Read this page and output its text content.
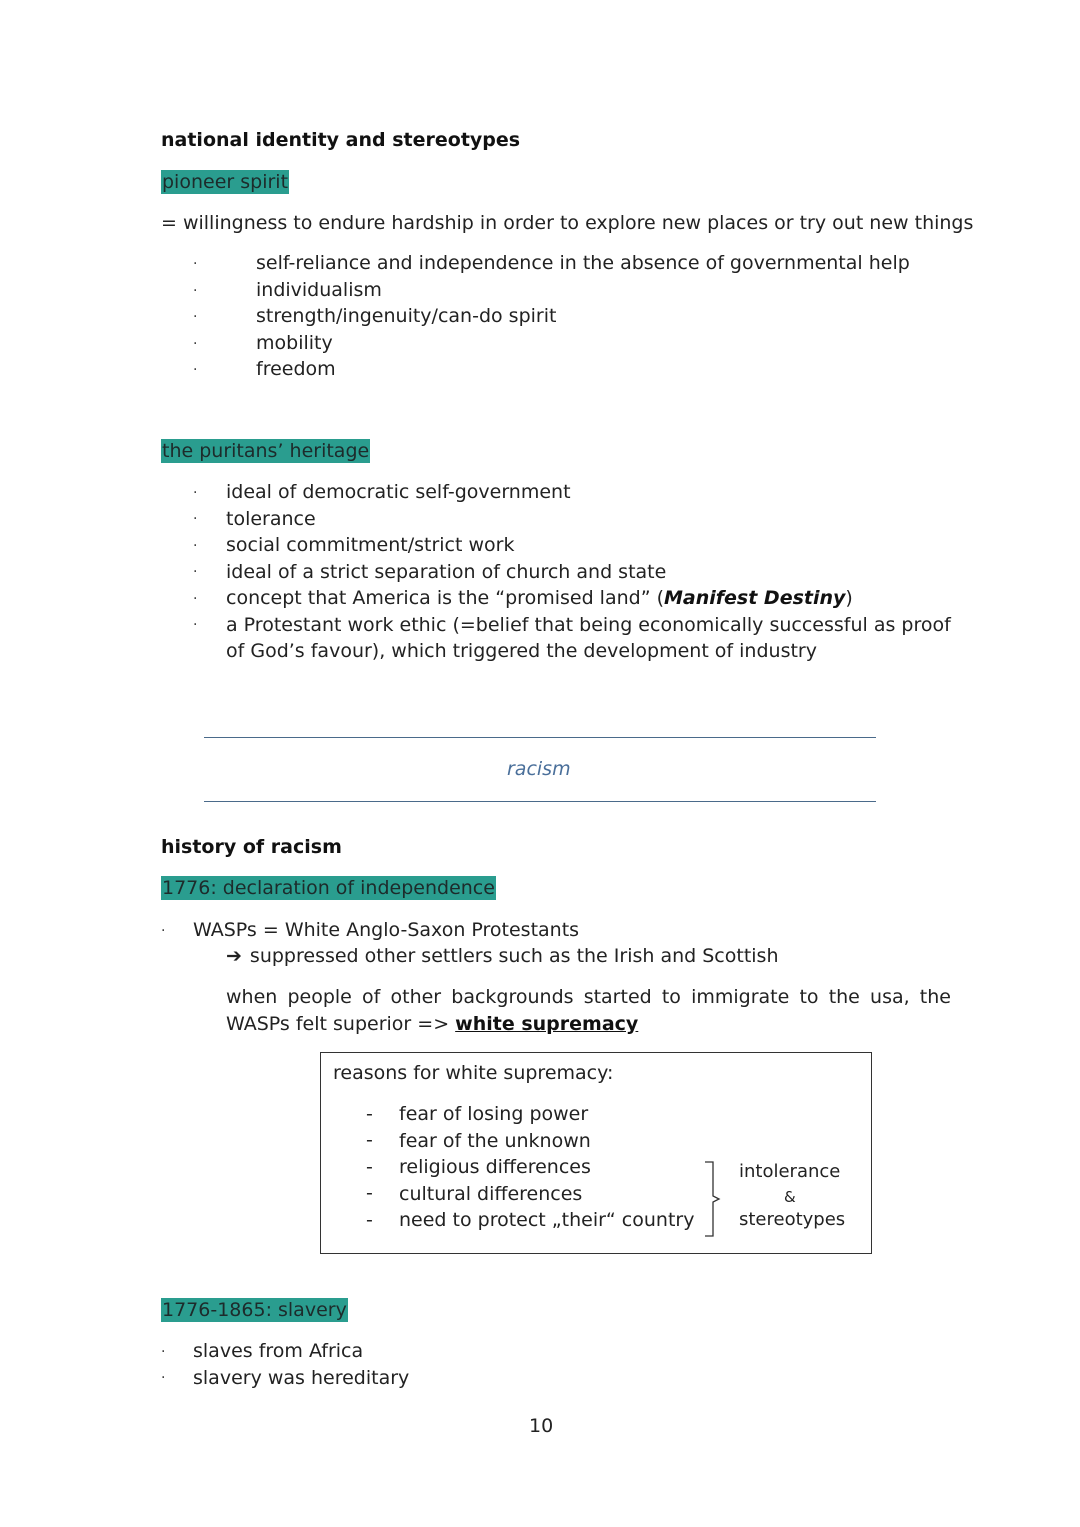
national identity and stereotypes
pioneer spirit
= willingness to endure hardship in order to explore new places or try out new things
·
·
·
·
·
self-reliance and independence in the absence of governmental help
individualism
strength/ingenuity/can-do spirit
mobility
freedom
the puritans’ heritage
·
·
·
·
·
·
ideal of democratic self-government
tolerance
social commitment/strict work
ideal of a strict separation of church and state
concept that America is the “promised land” (Manifest Destiny)
a Protestant work ethic (=belief that being economically successful as proof
of God’s favour), which triggered the development of industry
racism
history of racism
1776: declaration of independence
· WASPs = White Anglo-Saxon Protestants
➔ suppressed other settlers such as the Irish and Scottish
when people of other backgrounds started to immigrate to the usa, the
WASPs felt superior => white supremacy
reasons for white supremacy:
-
-
-
-
-
fear of losing power
fear of the unknown
religious differences
cultural differences
need to protect „their“ country
intolerance
&
stereotypes
1776-1865: slavery
·
·
slaves from Africa
slavery was hereditary
10
